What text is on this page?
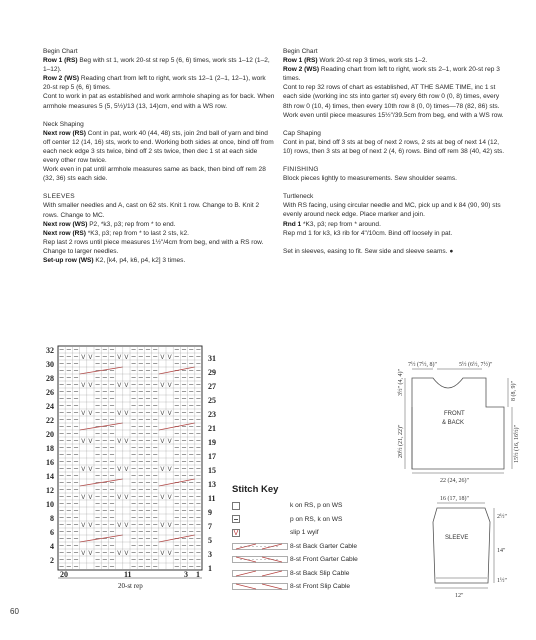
Begin Chart

Row 1 (RS) Beg with st 1, work 20-st st rep 5 (6, 6) times, work sts 1–12 (1–2, 1–12).

Row 2 (WS) Reading chart from left to right, work sts 12–1 (2–1, 12–1), work 20-st rep 5 (6, 6) times.

Cont to work in pat as established and work armhole shaping as for back. When armhole measures 5 (5, 5½)/13 (13, 14)cm, end with a WS row.

Neck Shaping

Next row (RS) Cont in pat, work 40 (44, 48) sts, join 2nd ball of yarn and bind off center 12 (14, 16) sts, work to end. Working both sides at once, bind off from each neck edge 3 sts twice, bind off 2 sts twice, then dec 1 st at each side every other row twice.

Work even in pat until armhole measures same as back, then bind off rem 28 (32, 36) sts each side.

SLEEVES

With smaller needles and A, cast on 62 sts. Knit 1 row. Change to B. Knit 2 rows. Change to MC.

Next row (WS) P2, *k3, p3; rep from * to end.

Next row (RS) *K3, p3; rep from * to last 2 sts, k2.

Rep last 2 rows until piece measures 1½"/4cm from beg, end with a RS row. Change to larger needles.

Set-up row (WS) K2, [k4, p4, k6, p4, k2] 3 times.

Begin Chart

Row 1 (RS) Work 20-st rep 3 times, work sts 1–2.

Row 2 (WS) Reading chart from left to right, work sts 2–1, work 20-st rep 3 times.

Cont to rep 32 rows of chart as established, AT THE SAME TIME, inc 1 st each side (working inc sts into garter st) every 6th row 0 (0, 8) times, every 8th row 0 (10, 4) times, then every 10th row 8 (0, 0) times—78 (82, 86) sts.

Work even until piece measures 15½"/39.5cm from beg, end with a WS row.

Cap Shaping

Cont in pat, bind off 3 sts at beg of next 2 rows, 2 sts at beg of next 14 (12, 10) rows, then 3 sts at beg of next 2 (4, 6) rows. Bind off rem 38 (40, 42) sts.

FINISHING

Block pieces lightly to measurements. Sew shoulder seams.

Turtleneck

With RS facing, using circular needle and MC, pick up and k 84 (90, 90) sts evenly around neck edge. Place marker and join.

Rnd 1 *K3, p3; rep from * around.

Rep rnd 1 for k3, k3 rib for 4"/10cm. Bind off loosely in pat.

Set in sleeves, easing to fit. Sew side and sleeve seams. ●

V V	V V	V V
V V	V V	V V
V V	V V	V V
V V	V V	V V
V V	V V	V V
V V	V V	V V
V V	V V	V V
V V	V V	V V
20-st rep
32
30
28
26
24
22
20
18
16
14
12
10
8
6
4
2
31
29
27
25
23
21
19
17
15
13
11
9
7
5
3
1
20	11	3 1
FRONT
& BACK
7½ (7½, 8)"	5½ (6½, 7½)"
22 (24, 26)"
3½" (4, 4)"
20½ (21, 22)"
8 (8, 9)"
15½ (16, 16½)"
SLEEVE
16 (17, 18)"
2½"
14"
1½"
12"
Stitch Key
k on RS, p on WS
p on RS, k on WS
V	slip 1 wyif
8-st Back Garter Cable
8-st Front Garter Cable
8-st Back Slip Cable
8-st Front Slip Cable
60
